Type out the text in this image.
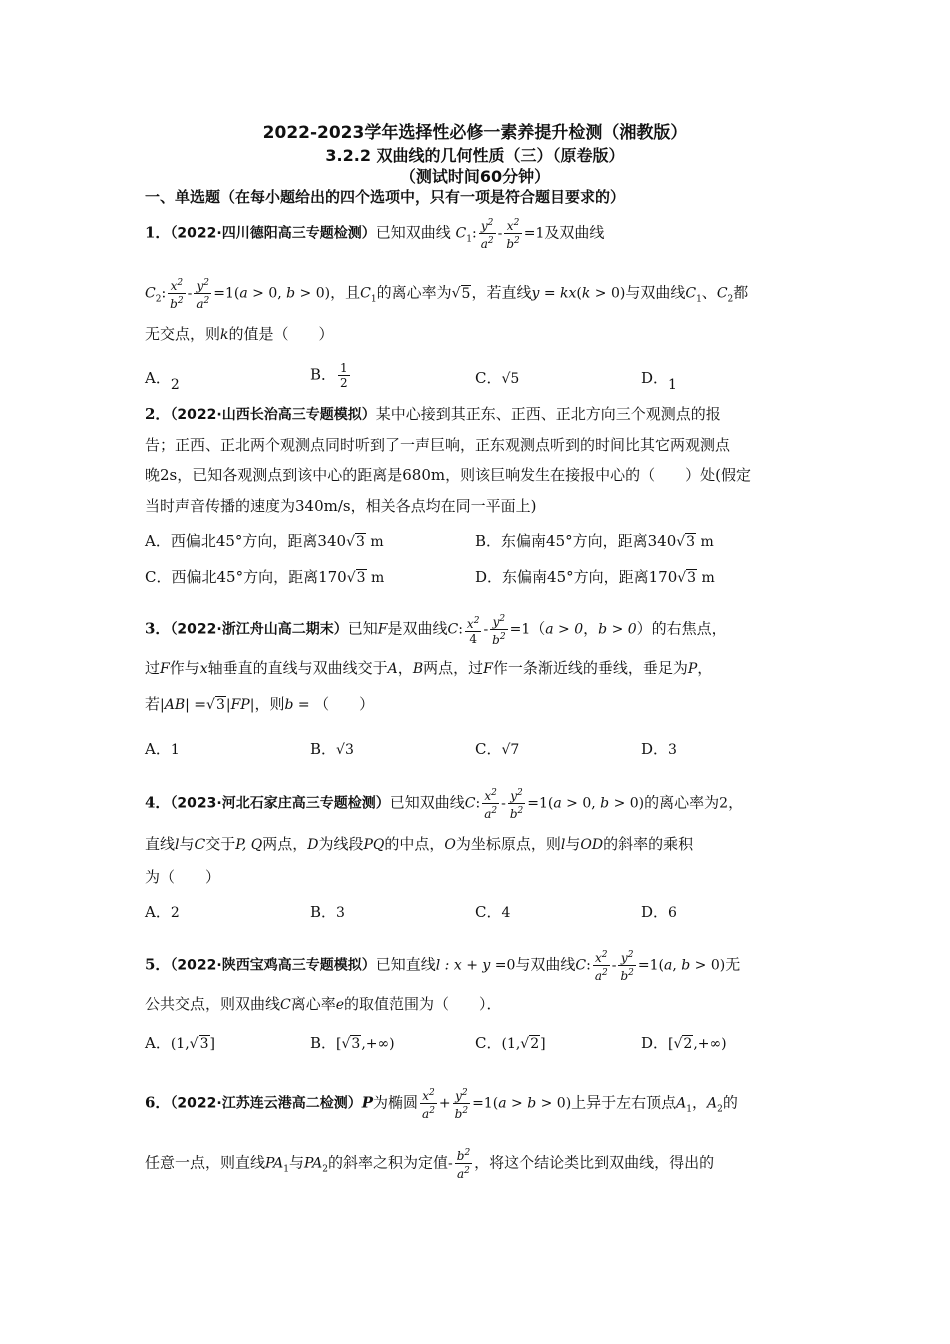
2022-2023学年选择性必修一素养提升检测（湘教版）
3.2.2 双曲线的几何性质（三）（原卷版）
（测试时间60分钟）
一、单选题（在每小题给出的四个选项中，只有一项是符合题目要求的）
1．（2022·四川德阳高三专题检测）已知双曲线 $C_1$: $\frac{y^2}{a^2} - \frac{x^2}{b^2} =1$及双曲线
$C_2$: $\frac{x^2}{b^2} - \frac{y^2}{a^2} =1(a > 0$, b > 0)，且$C_1$的离心率为√5，若直线y = kx(k > 0)与双曲线$C_1$、$C_2$都
无交点，则k的值是（　　）
A．2
B． $\frac{1}{2}$	C．√5	D．1
2．（2022·山西长治高三专题模拟）某中心接到其正东、正西、正北方向三个观测点的报
告；正西、正北两个观测点同时听到了一声巨响，正东观测点听到的时间比其它两观测点
晚2s，已知各观测点到该中心的距离是680m，则该巨响发生在接报中心的（　　）处(假定
当时声音传播的速度为340m/s，相关各点均在同一平面上)
A．西偏北45°方向，距离340√3 m	B．东偏南45°方向，距离340√3 m
C．西偏北45°方向，距离170√3 m	D．东偏南45°方向，距离170√3 m
3．（2022·浙江舟山高二期末）已知F是双曲线C: $\frac{x^2}{4} - \frac{y^2}{b^2} =1(a > 0$，b > 0）的右焦点，
过F作与x轴垂直的直线与双曲线交于A，B两点，过F作一条渐近线的垂线，垂足为P，
若|AB| =√3|FP|，则b = （　　）
A．1	B．√3	C．√7	D．3
4．（2023·河北石家庄高三专题检测）已知双曲线C: $\frac{x^2}{a^2} - \frac{y^2}{b^2} =1(a > 0$, b > 0)的离心率为2，
直线l与C交于P, Q两点，D为线段PQ的中点，O为坐标原点，则l与OD的斜率的乘积
为（　　）
A．2	B．3	C．4	D．6
5．（2022·陕西宝鸡高三专题模拟）已知直线l : x + y =0与双曲线C: $\frac{x^2}{a^2} - \frac{y^2}{b^2} =1(a$, b > 0)无
公共交点，则双曲线C离心率e的取值范围为（　　）．
A．(1,√3]	B．[√3,+∞)	C．(1,√2]	D．[√2,+∞)
6．（2022·江苏连云港高二检测）P为椭圆 $\frac{x^2}{a^2} + \frac{y^2}{b^2} =1(a > b > 0)$上异于左右顶点$A_1$，$A_2$的
任意一点，则直线$PA_1$与$PA_2$的斜率之积为定值- $\frac{b^2}{a^2}$ ，将这个结论类比到双曲线，得出的
